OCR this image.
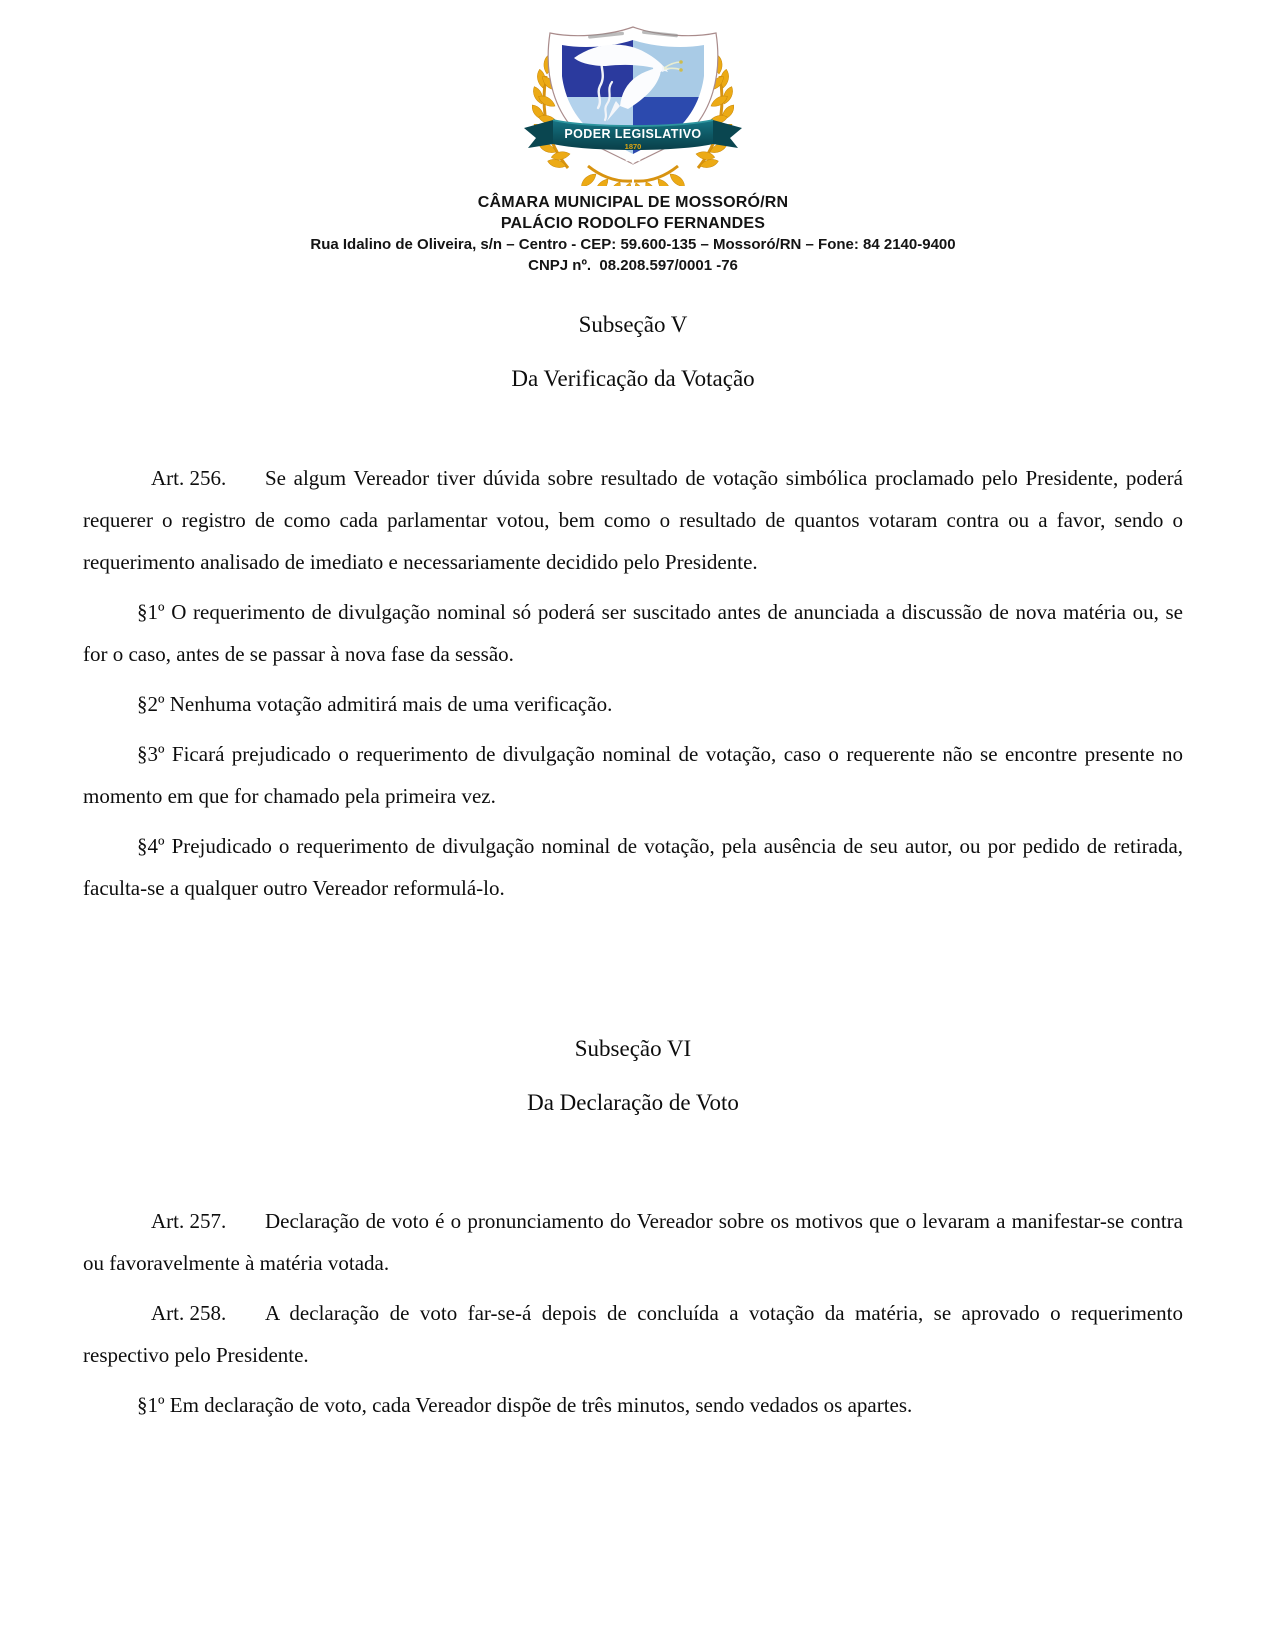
PODER LEGISLATIVO
1870
CÂMARA MUNICIPAL DE MOSSORÓ/RN
PALÁCIO RODOLFO FERNANDES
Rua Idalino de Oliveira, s/n – Centro - CEP: 59.600-135 – Mossoró/RN – Fone: 84 2140-9400
CNPJ nº.  08.208.597/0001 -76
Subseção V
Da Verificação da Votação

Art. 256. Se algum Vereador tiver dúvida sobre resultado de votação simbólica proclamado pelo Presidente, poderá requerer o registro de como cada parlamentar votou, bem como o resultado de quantos votaram contra ou a favor, sendo o requerimento analisado de imediato e necessariamente decidido pelo Presidente.

§1º O requerimento de divulgação nominal só poderá ser suscitado antes de anunciada a discussão de nova matéria ou, se for o caso, antes de se passar à nova fase da sessão.

§2º Nenhuma votação admitirá mais de uma verificação.

§3º Ficará prejudicado o requerimento de divulgação nominal de votação, caso o requerente não se encontre presente no momento em que for chamado pela primeira vez.

§4º Prejudicado o requerimento de divulgação nominal de votação, pela ausência de seu autor, ou por pedido de retirada, faculta-se a qualquer outro Vereador reformulá-lo.

Subseção VI
Da Declaração de Voto

Art. 257. Declaração de voto é o pronunciamento do Vereador sobre os motivos que o levaram a manifestar-se contra ou favoravelmente à matéria votada.

Art. 258. A declaração de voto far-se-á depois de concluída a votação da matéria, se aprovado o requerimento respectivo pelo Presidente.

§1º Em declaração de voto, cada Vereador dispõe de três minutos, sendo vedados os apartes.
